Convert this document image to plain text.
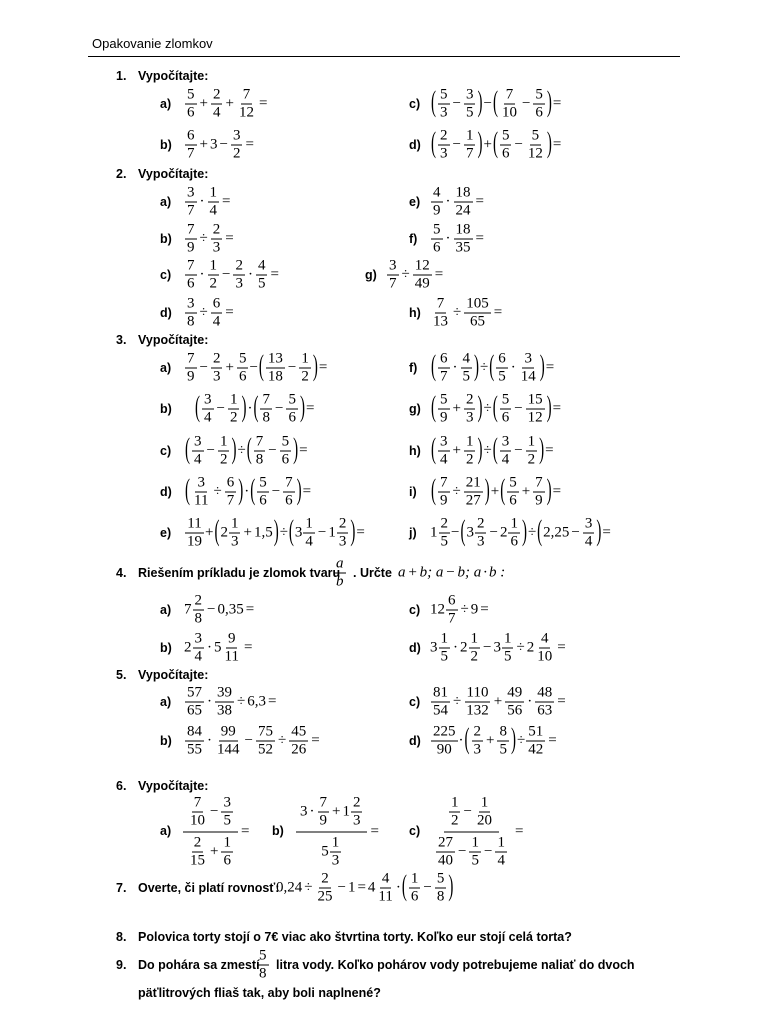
Opakovanie zlomkov
1. Vypočítajte:
a)
5
6
+ $\frac{2}{4} + \frac{7}{12}$ =	c) ( 5
3
− $\frac{3}{5}$ ) − ( 7
10
− $\frac{5}{6}$ ) =
b)
6
7
+ $3 - \frac{3}{2}$ =	d) ( 2
3
− $\frac{1}{7}$ ) + ( 5
6
− $\frac{5}{12}$ ) =
2. Vypočítajte:
a)
3
7
· $\frac{1}{4}$ =	e)
4
9
· $\frac{18}{24}$ =
$b) \frac{7}{9} \div \frac{2}{3}$ =	f)
5
6
· $\frac{18}{35}$ =
c)
7
6
·
1
2
− $\frac{2}{3} \cdot \frac{4}{5}$ =	$g) \frac{3}{7} \div \frac{12}{49}$ =
$d) \frac{3}{8} \div \frac{6}{4}$ =	$h) \frac{7}{13} \div \frac{105}{65}$ =
3. Vypočítajte:
a)
7
9
− $\frac{2}{3} + \frac{5}{6}$ − ( 13
18
− $\frac{1}{2}$ ) =	f) ( 6
7
·
4
5 ) ÷ ( 6
5
·
3
14 ) =
b) ( 3
4
− $\frac{1}{2}$ ) · ( 7
8
− $\frac{5}{6}$ ) =	g) ( 5
9
+ $\frac{2}{3}$ ) ÷ ( 5
6
− $\frac{15}{12}$ ) =
c) ( 3
4
− $\frac{1}{2}$ ) ÷ ( 7
8
− $\frac{5}{6}$ ) =	h) ( 3
4
+ $\frac{1}{2}$ ) ÷ ( 3
4
− $\frac{1}{2}$ ) =
d) ( $\frac{3}{11} \div \frac{6}{7}$ ) · ( 5
6
− $\frac{7}{6}$ ) =	i) ( $\frac{7}{9} \div \frac{21}{27}$ ) + ( 5
6
+ $\frac{7}{9}$ ) =
e)
11
19
+ ( 2
1
3
+ 1,5 ) ÷ ( 3
1
4
− 1
2
3 ) =	j) 1
2
5
− ( 3
2
3
− 2
1
6 ) ÷ ( $2,25 - \frac{3}{4}$ ) =
4. Riešením príkladu je zlomok tvaru
a
b
. Určte a + b; a − b; a · b :
a) 7
2
8
− 0,35 =	c) 12
6
7
÷ 9 =
b) 2
3
4
· 5
9
11
=	d) 3
1
5
· 2
1
2
− 3
1
5
÷ 2
4
10
=
5. Vypočítajte:
a)
57
65
· $\frac{39}{38} \div 6,3$ =	$c) \frac{81}{54} \div \frac{110}{132} + \frac{49}{56} \cdot \frac{48}{63}$ =
b)
84
55
·
99
144
− $\frac{75}{52} \div \frac{45}{26}$ =	d)
225
90
· ( 2
3
+ $\frac{8}{5}$ ) ÷ $\frac{51}{42}$ =
6. Vypočítajte:
a) 7
10
− $\frac{3}{5}$
2
15
+ $\frac{1}{6} = b$) 3 ·
7
9
+ 1
2
3
5
1
3 = c) 1
2
− $\frac{1}{20}$
27
40
− $\frac{1}{5} - \frac{1}{4}$ =
7. Overte, či platí rovnosť:
$0,24 \div \frac{2}{25} - 1 = 4$
4
11
· ( 1
6
− $\frac{5}{8}$ )
8. Polovica torty stojí o 7€ viac ako štvrtina torty. Koľko eur stojí celá torta?
9. Do pohára sa zmestí
5
8
litra vody. Koľko pohárov vody potrebujeme naliať do dvoch
päťlitrových fliaš tak, aby boli naplnené?
